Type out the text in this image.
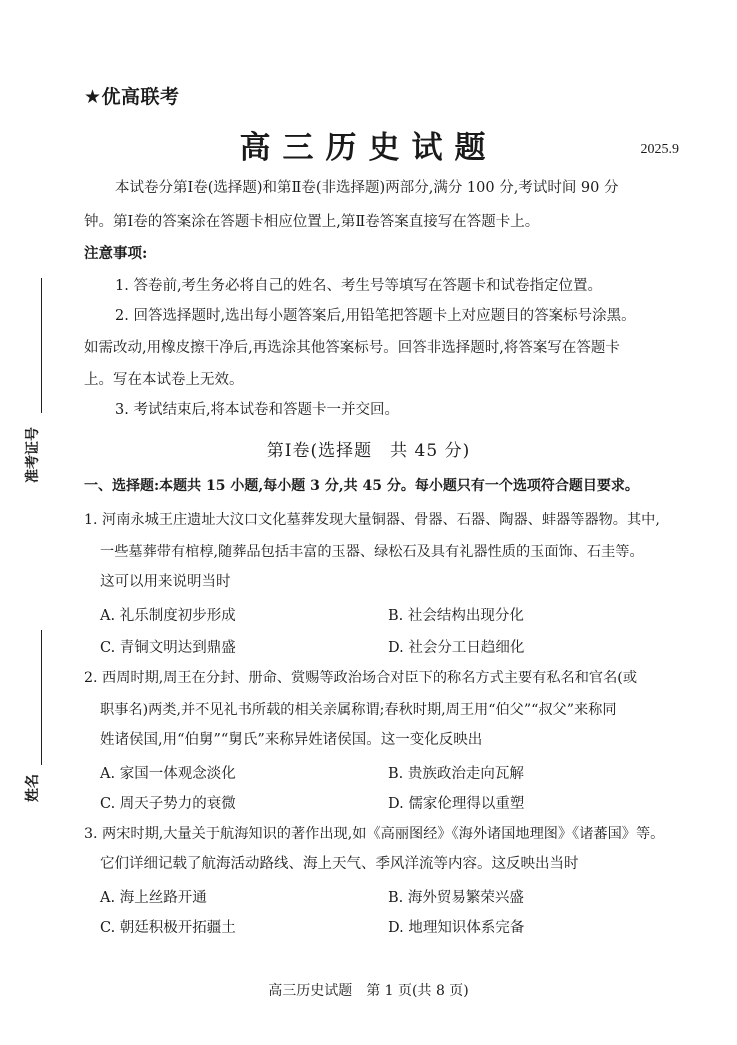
★优高联考
高三历史试题	2025.9
本试卷分第Ⅰ卷(选择题)和第Ⅱ卷(非选择题)两部分,满分 100 分,考试时间 90 分
钟。第Ⅰ卷的答案涂在答题卡相应位置上,第Ⅱ卷答案直接写在答题卡上。
注意事项:
1. 答卷前,考生务必将自己的姓名、考生号等填写在答题卡和试卷指定位置。
2. 回答选择题时,选出每小题答案后,用铅笔把答题卡上对应题目的答案标号涂黑。
如需改动,用橡皮擦干净后,再选涂其他答案标号。回答非选择题时,将答案写在答题卡
上。写在本试卷上无效。
3. 考试结束后,将本试卷和答题卡一并交回。
准考证号
姓名
第Ⅰ卷(选择题　共 45 分)
一、选择题:本题共 15 小题,每小题 3 分,共 45 分。每小题只有一个选项符合题目要求。
1. 河南永城王庄遗址大汶口文化墓葬发现大量铜器、骨器、石器、陶器、蚌器等器物。其中,
一些墓葬带有棺椁,随葬品包括丰富的玉器、绿松石及具有礼器性质的玉面饰、石圭等。
这可以用来说明当时
A. 礼乐制度初步形成	B. 社会结构出现分化
C. 青铜文明达到鼎盛	D. 社会分工日趋细化
2. 西周时期,周王在分封、册命、赏赐等政治场合对臣下的称名方式主要有私名和官名(或
职事名)两类,并不见礼书所载的相关亲属称谓;春秋时期,周王用“伯父”“叔父”来称同
姓诸侯国,用“伯舅”“舅氏”来称异姓诸侯国。这一变化反映出
A. 家国一体观念淡化	B. 贵族政治走向瓦解
C. 周天子势力的衰微	D. 儒家伦理得以重塑
3. 两宋时期,大量关于航海知识的著作出现,如《高丽图经》《海外诸国地理图》《诸蕃国》等。
它们详细记载了航海活动路线、海上天气、季风洋流等内容。这反映出当时
A. 海上丝路开通	B. 海外贸易繁荣兴盛
C. 朝廷积极开拓疆土	D. 地理知识体系完备
高三历史试题　第 1 页(共 8 页)
